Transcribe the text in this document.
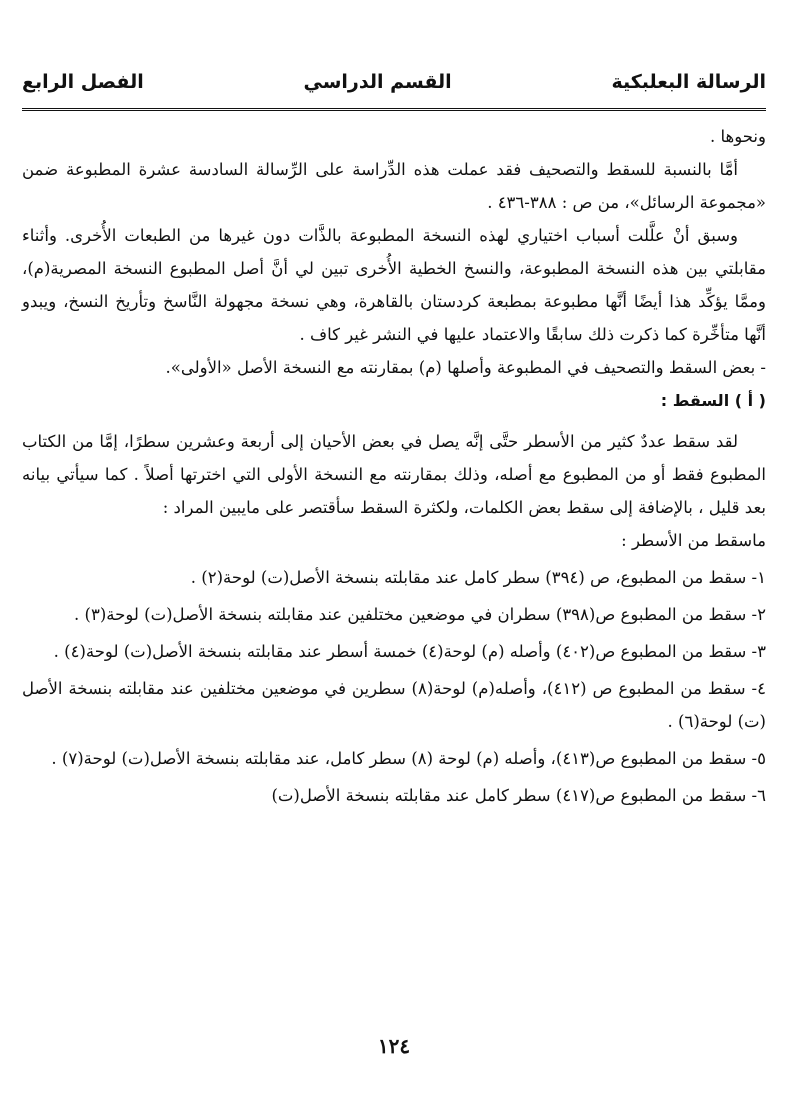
الرسالة البعلبكية
القسم الدراسي
الفصل الرابع

ونحوها .

أمَّا بالنسبة للسقط والتصحيف فقد عملت هذه الدِّراسة على الرِّسالة السادسة عشرة المطبوعة ضمن «مجموعة الرسائل»، من ص : ٣٨٨-٤٣٦ .

وسبق أنْ علَّلت أسباب اختياري لهذه النسخة المطبوعة بالذَّات دون غيرها من الطبعات الأُخرى. وأثناء مقابلتي بين هذه النسخة المطبوعة، والنسخ الخطية الأُخرى تبين لي أنَّ أصل المطبوع النسخة المصرية(م)، وممَّا يؤكِّد هذا أيضًا أنَّها مطبوعة بمطبعة كردستان بالقاهرة، وهي نسخة مجهولة النَّاسخ وتأريخ النسخ، ويبدو أنَّها متأخِّرة كما ذكرت ذلك سابقًا والاعتماد عليها في النشر غير كاف .

- بعض السقط والتصحيف في المطبوعة وأصلها (م) بمقارنته مع النسخة الأصل «الأولى».

( أ ) السقط :

لقد سقط عددٌ كثير من الأسطر حتَّى إنَّه يصل في بعض الأحيان إلى أربعة وعشرين سطرًا، إمَّا من الكتاب المطبوع فقط أو من المطبوع مع أصله، وذلك بمقارنته مع النسخة الأولى التي اخترتها أصلاً . كما سيأتي بيانه بعد قليل ، بالإضافة إلى سقط بعض الكلمات، ولكثرة السقط سأقتصر على مايبين المراد :

ماسقط من الأسطر :

١- سقط من المطبوع، ص (٣٩٤) سطر كامل عند مقابلته بنسخة الأصل(ت) لوحة(٢) .

٢- سقط من المطبوع ص(٣٩٨) سطران في موضعين مختلفين عند مقابلته بنسخة الأصل(ت) لوحة(٣) .

٣- سقط من المطبوع ص(٤٠٢) وأصله (م) لوحة(٤) خمسة أسطر عند مقابلته بنسخة الأصل(ت) لوحة(٤) .

٤- سقط من المطبوع ص (٤١٢)، وأصله(م) لوحة(٨) سطرين في موضعين مختلفين عند مقابلته بنسخة الأصل (ت) لوحة(٦) .

٥- سقط من المطبوع ص(٤١٣)، وأصله (م) لوحة (٨) سطر كامل، عند مقابلته بنسخة الأصل(ت) لوحة(٧) .

٦- سقط من المطبوع ص(٤١٧) سطر كامل عند مقابلته بنسخة الأصل(ت)

١٢٤
